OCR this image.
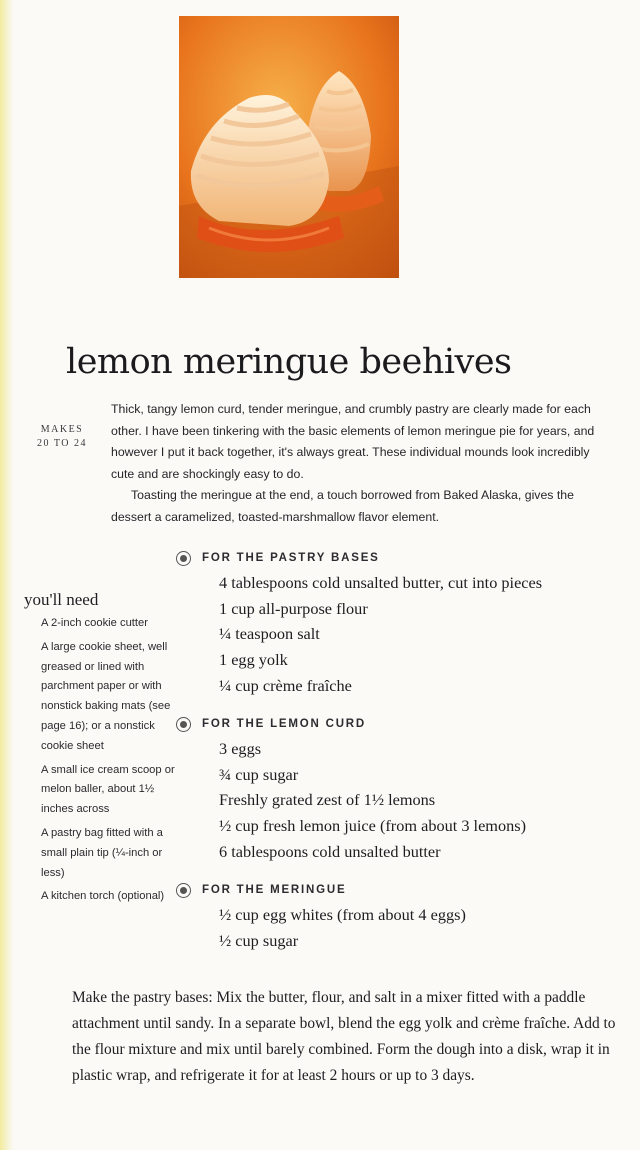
lemon meringue beehives
MAKES
20 TO 24

Thick, tangy lemon curd, tender meringue, and crumbly pastry are clearly made for each other. I have been tinkering with the basic elements of lemon meringue pie for years, and however I put it back together, it's always great. These individual mounds look incredibly cute and are shockingly easy to do.

Toasting the meringue at the end, a touch borrowed from Baked Alaska, gives the dessert a caramelized, toasted-marshmallow flavor element.

you'll need
A 2-inch cookie cutter
A large cookie sheet, well greased or lined with parchment paper or with nonstick baking mats (see page 16); or a nonstick cookie sheet
A small ice cream scoop or melon baller, about 1½ inches across
A pastry bag fitted with a small plain tip (¼-inch or less)
A kitchen torch (optional)
FOR THE PASTRY BASES
4 tablespoons cold unsalted butter, cut into pieces
1 cup all-purpose flour
¼ teaspoon salt
1 egg yolk
¼ cup crème fraîche
FOR THE LEMON CURD
3 eggs
¾ cup sugar
Freshly grated zest of 1½ lemons
½ cup fresh lemon juice (from about 3 lemons)
6 tablespoons cold unsalted butter
FOR THE MERINGUE
½ cup egg whites (from about 4 eggs)
½ cup sugar

Make the pastry bases: Mix the butter, flour, and salt in a mixer fitted with a paddle attachment until sandy. In a separate bowl, blend the egg yolk and crème fraîche. Add to the flour mixture and mix until barely combined. Form the dough into a disk, wrap it in plastic wrap, and refrigerate it for at least 2 hours or up to 3 days.
